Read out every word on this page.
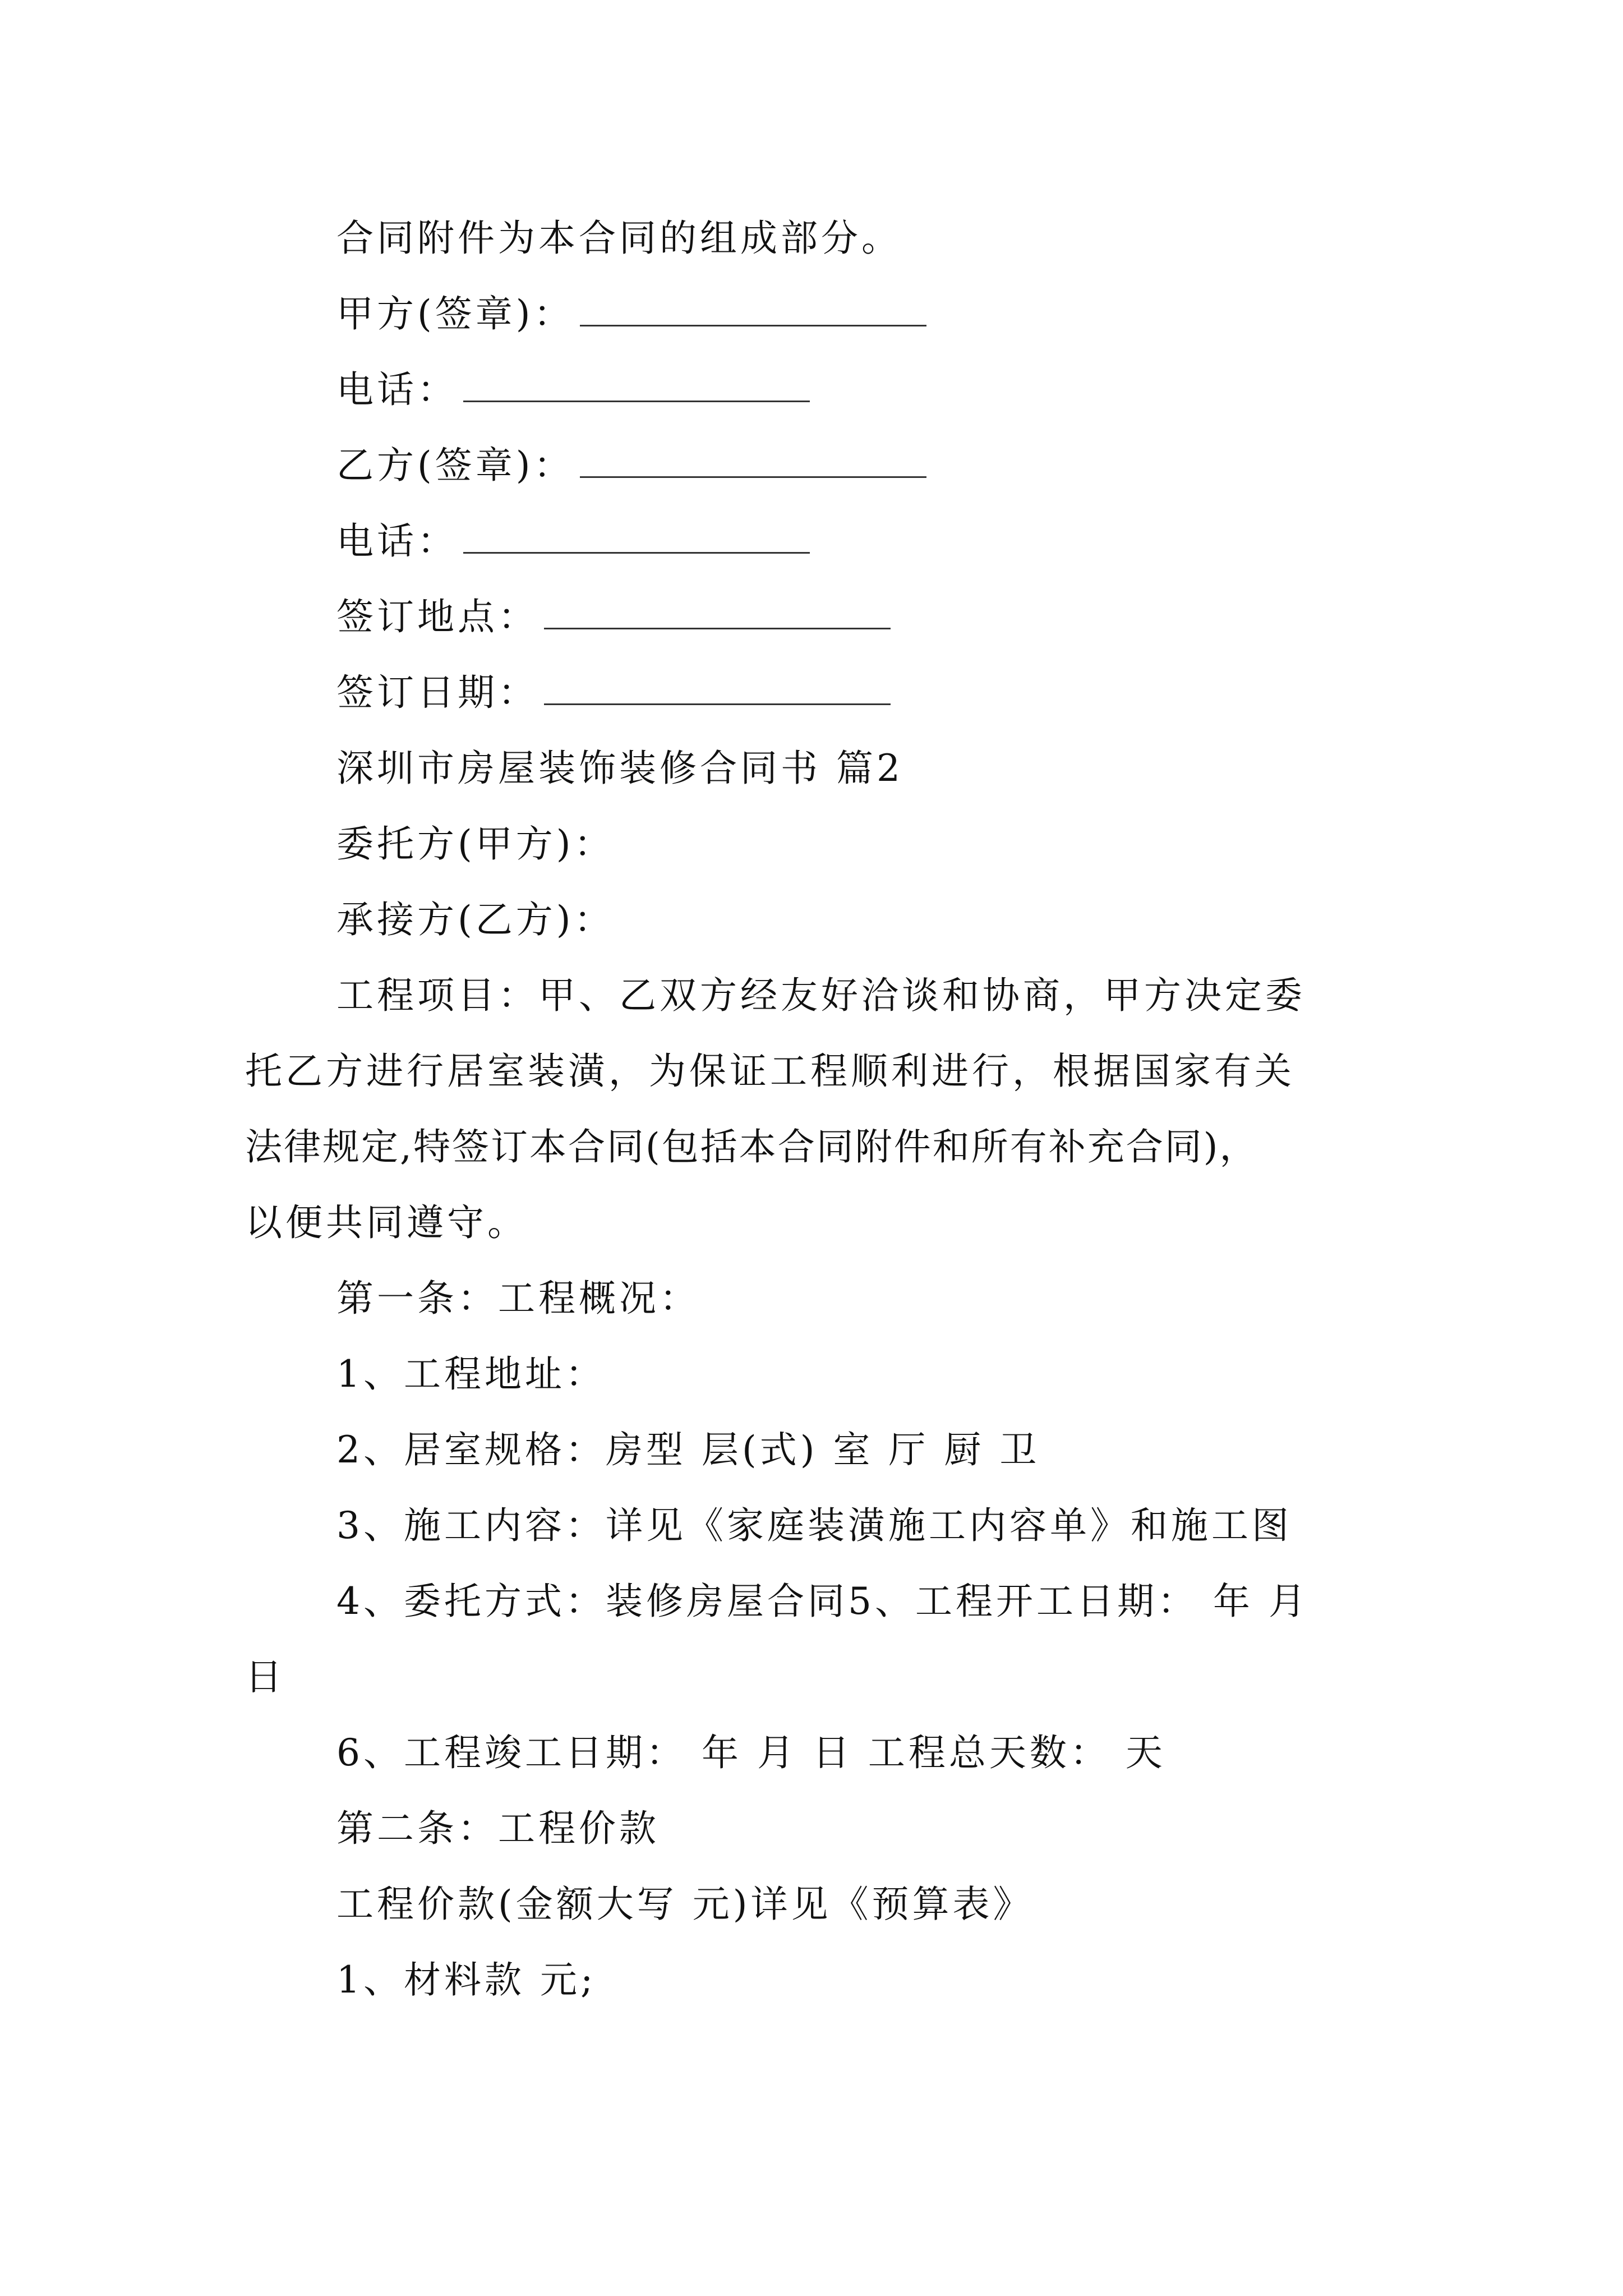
合同附件为本合同的组成部分。
甲方(签章)：
电话：
乙方(签章)：
电话：
签订地点：
签订日期：
深圳市房屋装饰装修合同书 篇2
委托方(甲方)：
承接方(乙方)：
工程项目：甲、乙双方经友好洽谈和协商，甲方决定委
托乙方进行居室装潢，为保证工程顺利进行，根据国家有关
法律规定,特签订本合同(包括本合同附件和所有补充合同)，
以便共同遵守。
第一条：工程概况：
1、工程地址：
2、居室规格：房型 层(式) 室 厅 厨 卫
3、施工内容：详见《家庭装潢施工内容单》和施工图
4、委托方式：装修房屋合同5、工程开工日期： 年 月
日
6、工程竣工日期： 年 月 日 工程总天数： 天
第二条：工程价款
工程价款(金额大写 元)详见《预算表》
1、材料款 元;
